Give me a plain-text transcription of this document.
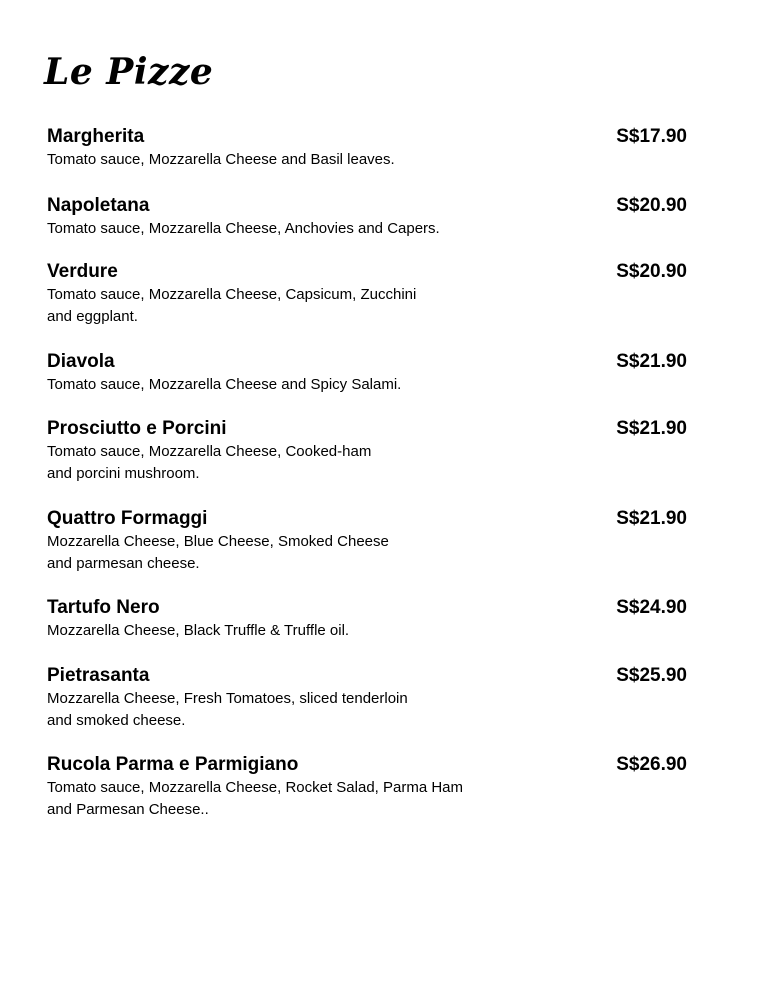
Le Pizze
Margherita	S$17.90
Tomato sauce, Mozzarella Cheese and Basil leaves.
Napoletana	S$20.90
Tomato sauce, Mozzarella Cheese, Anchovies and Capers.
Verdure	S$20.90
Tomato sauce, Mozzarella Cheese, Capsicum, Zucchini
and eggplant.
Diavola	S$21.90
Tomato sauce, Mozzarella Cheese and Spicy Salami.
Prosciutto e Porcini	S$21.90
Tomato sauce, Mozzarella Cheese, Cooked-ham
and porcini mushroom.
Quattro Formaggi	S$21.90
Mozzarella Cheese, Blue Cheese, Smoked Cheese
and parmesan cheese.
Tartufo Nero	S$24.90
Mozzarella Cheese, Black Truffle & Truffle oil.
Pietrasanta	S$25.90
Mozzarella Cheese, Fresh Tomatoes, sliced tenderloin
and smoked cheese.
Rucola Parma e Parmigiano	S$26.90
Tomato sauce, Mozzarella Cheese, Rocket Salad, Parma Ham
and Parmesan Cheese..
